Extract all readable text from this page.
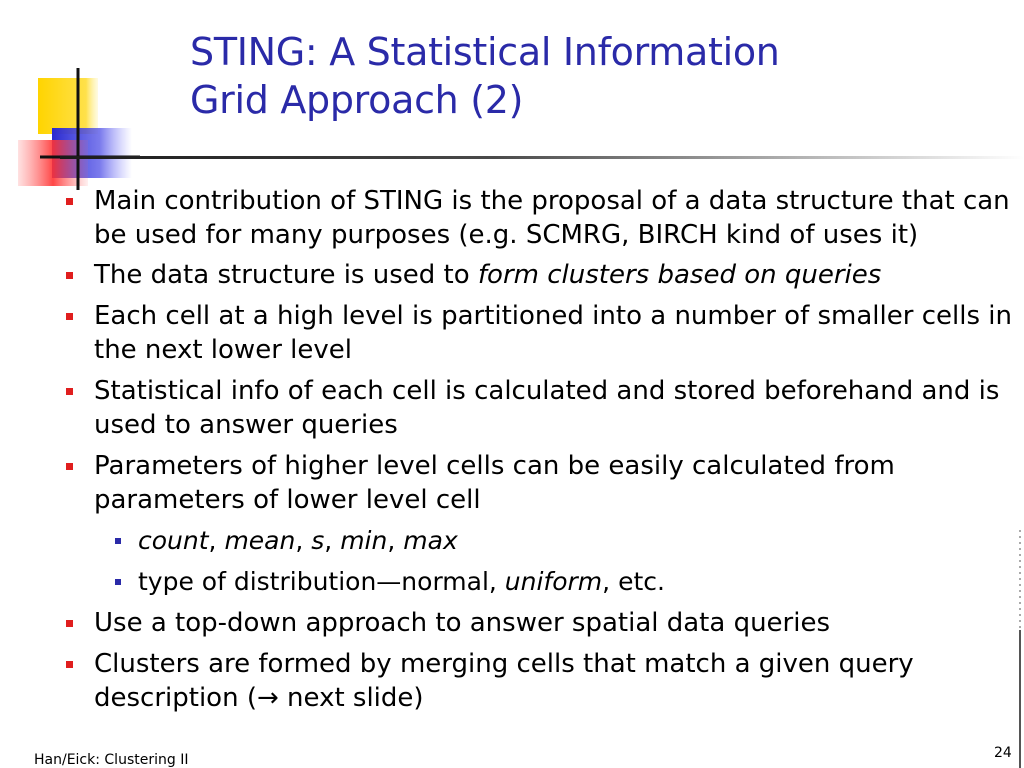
STING: A Statistical Information
Grid Approach (2)
Main contribution of STING is the proposal of a data structure that can be used for many purposes (e.g. SCMRG, BIRCH kind of uses it)
The data structure is used to form clusters based on queries
Each cell at a high level is partitioned into a number of smaller cells in the next lower level
Statistical info of each cell is calculated and stored beforehand and is used to answer queries
Parameters of higher level cells can be easily calculated from parameters of lower level cell
count, mean, s, min, max
type of distribution—normal, uniform, etc.
Use a top-down approach to answer spatial data queries
Clusters are formed by merging cells that match a given query description (→ next slide)
Han/Eick: Clustering II	24
